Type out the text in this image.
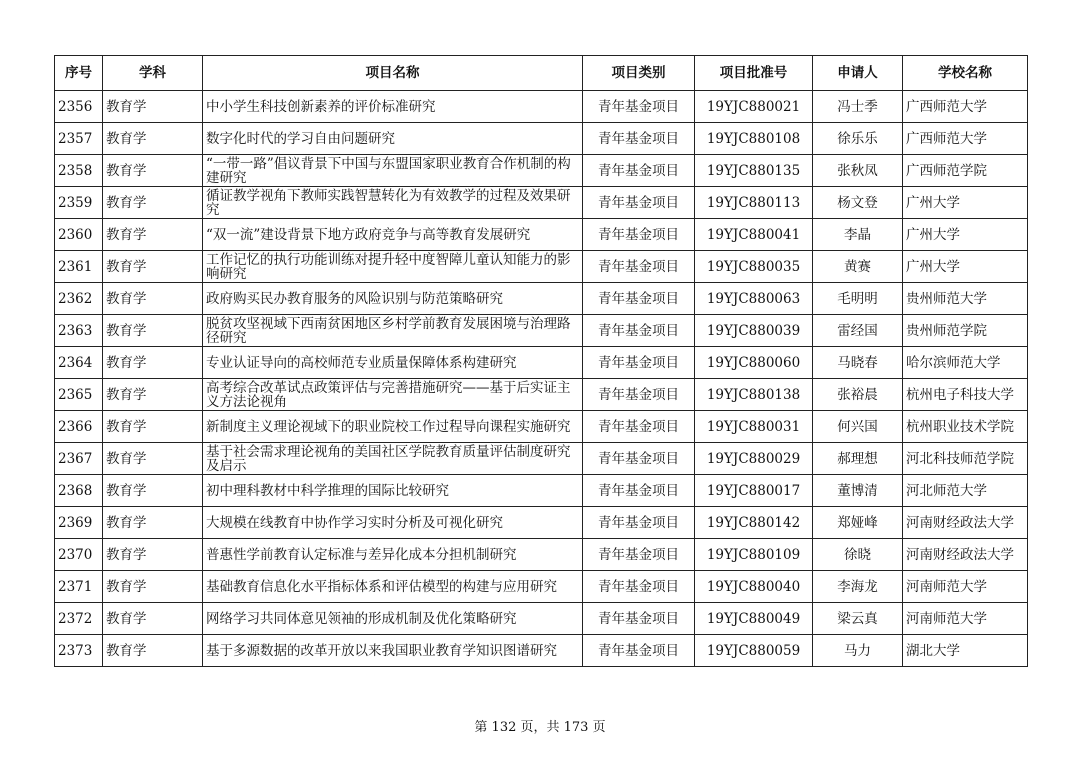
序号	学科	项目名称	项目类别	项目批准号	申请人	学校名称
2356	教育学	中小学生科技创新素养的评价标准研究	青年基金项目	19YJC880021	冯士季	广西师范大学
2357	教育学	数字化时代的学习自由问题研究	青年基金项目	19YJC880108	徐乐乐	广西师范大学
2358	教育学	“一带一路”倡议背景下中国与东盟国家职业教育合作机制的构建研究	青年基金项目	19YJC880135	张秋凤	广西师范学院
2359	教育学	循证教学视角下教师实践智慧转化为有效教学的过程及效果研究	青年基金项目	19YJC880113	杨文登	广州大学
2360	教育学	“双一流”建设背景下地方政府竞争与高等教育发展研究	青年基金项目	19YJC880041	李晶	广州大学
2361	教育学	工作记忆的执行功能训练对提升轻中度智障儿童认知能力的影响研究	青年基金项目	19YJC880035	黄赛	广州大学
2362	教育学	政府购买民办教育服务的风险识别与防范策略研究	青年基金项目	19YJC880063	毛明明	贵州师范大学
2363	教育学	脱贫攻坚视域下西南贫困地区乡村学前教育发展困境与治理路径研究	青年基金项目	19YJC880039	雷经国	贵州师范学院
2364	教育学	专业认证导向的高校师范专业质量保障体系构建研究	青年基金项目	19YJC880060	马晓春	哈尔滨师范大学
2365	教育学	高考综合改革试点政策评估与完善措施研究——基于后实证主义方法论视角	青年基金项目	19YJC880138	张裕晨	杭州电子科技大学
2366	教育学	新制度主义理论视域下的职业院校工作过程导向课程实施研究	青年基金项目	19YJC880031	何兴国	杭州职业技术学院
2367	教育学	基于社会需求理论视角的美国社区学院教育质量评估制度研究及启示	青年基金项目	19YJC880029	郝理想	河北科技师范学院
2368	教育学	初中理科教材中科学推理的国际比较研究	青年基金项目	19YJC880017	董博清	河北师范大学
2369	教育学	大规模在线教育中协作学习实时分析及可视化研究	青年基金项目	19YJC880142	郑娅峰	河南财经政法大学
2370	教育学	普惠性学前教育认定标准与差异化成本分担机制研究	青年基金项目	19YJC880109	徐晓	河南财经政法大学
2371	教育学	基础教育信息化水平指标体系和评估模型的构建与应用研究	青年基金项目	19YJC880040	李海龙	河南师范大学
2372	教育学	网络学习共同体意见领袖的形成机制及优化策略研究	青年基金项目	19YJC880049	梁云真	河南师范大学
2373	教育学	基于多源数据的改革开放以来我国职业教育学知识图谱研究	青年基金项目	19YJC880059	马力	湖北大学
第 132 页，共 173 页
